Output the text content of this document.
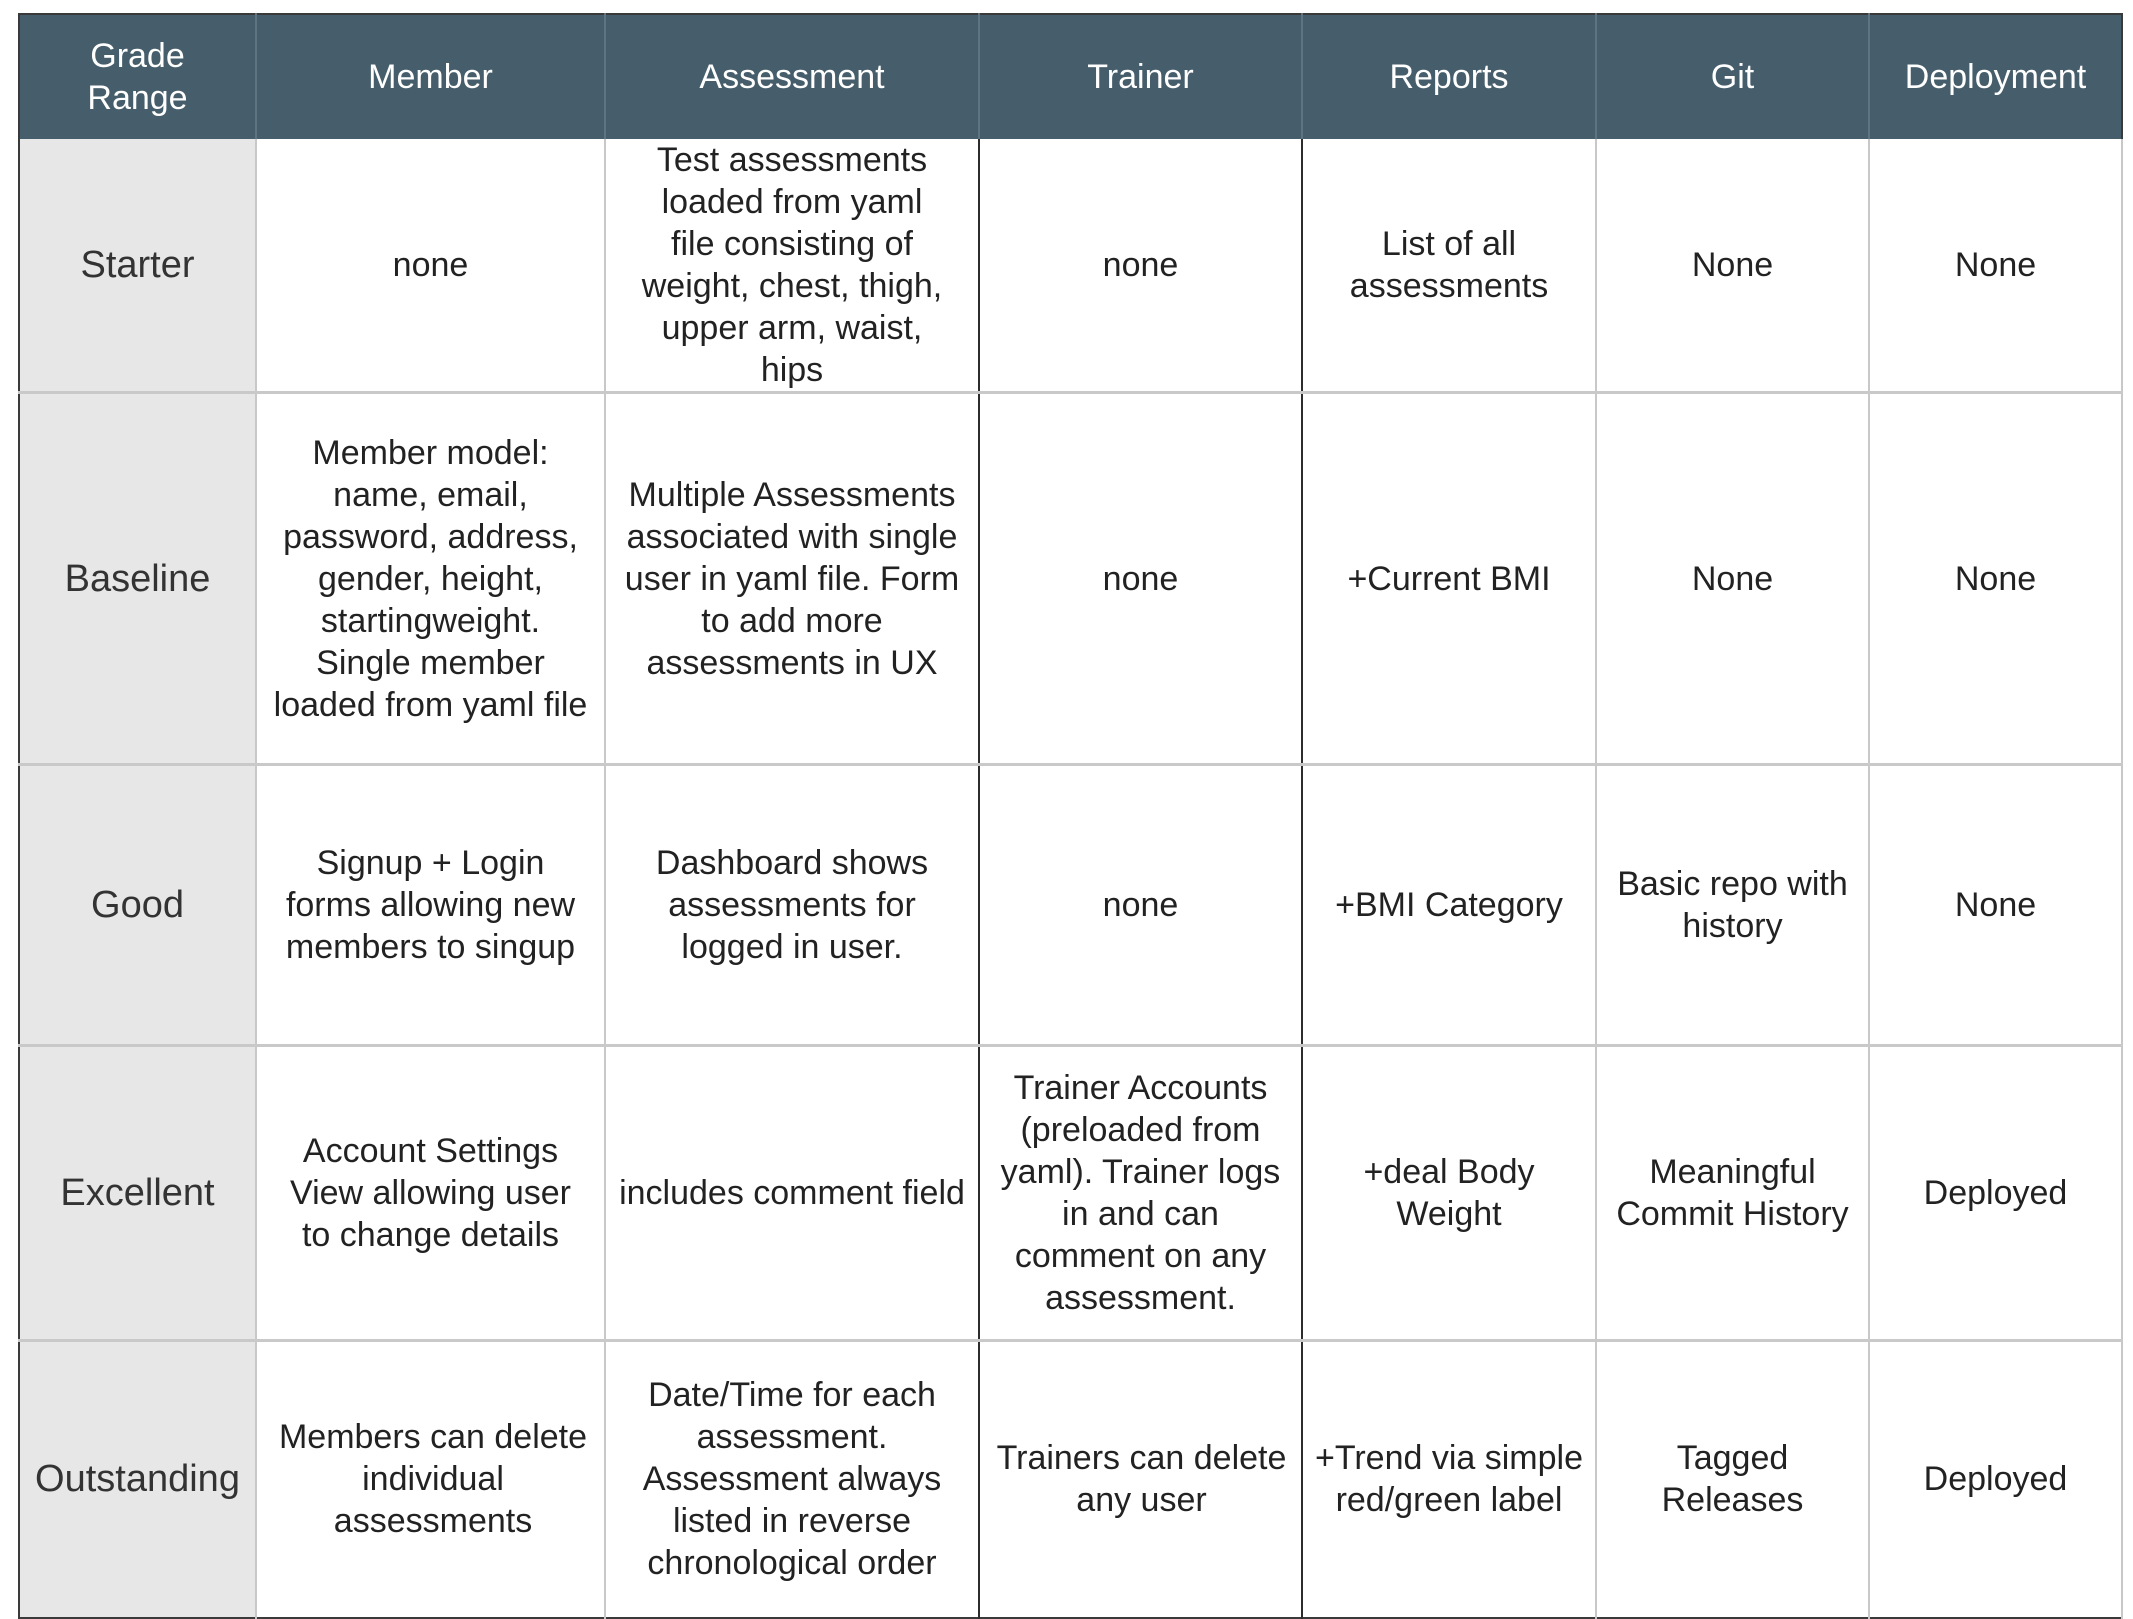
Grade Range	Member	Assessment	Trainer	Reports	Git	Deployment
Starter	none	Test assessments loaded from yaml file consisting of weight, chest, thigh, upper arm, waist, hips	none	List of all assessments	None	None
Baseline	Member model: name, email, password, address, gender, height, startingweight. Single member loaded from yaml file	Multiple Assessments associated with single user in yaml file. Form to add more assessments in UX	none	+Current BMI	None	None
Good	Signup + Login forms allowing new members to singup	Dashboard shows assessments for logged in user.	none	+BMI Category	Basic repo with history	None
Excellent	Account Settings View allowing user to change details	includes comment field	Trainer Accounts (preloaded from yaml). Trainer logs in and can comment on any assessment.	+deal Body Weight	Meaningful Commit History	Deployed
Outstanding	Members can delete individual assessments	Date/Time for each assessment. Assessment always listed in reverse chronological order	Trainers can delete any user	+Trend via simple red/green label	Tagged Releases	Deployed
